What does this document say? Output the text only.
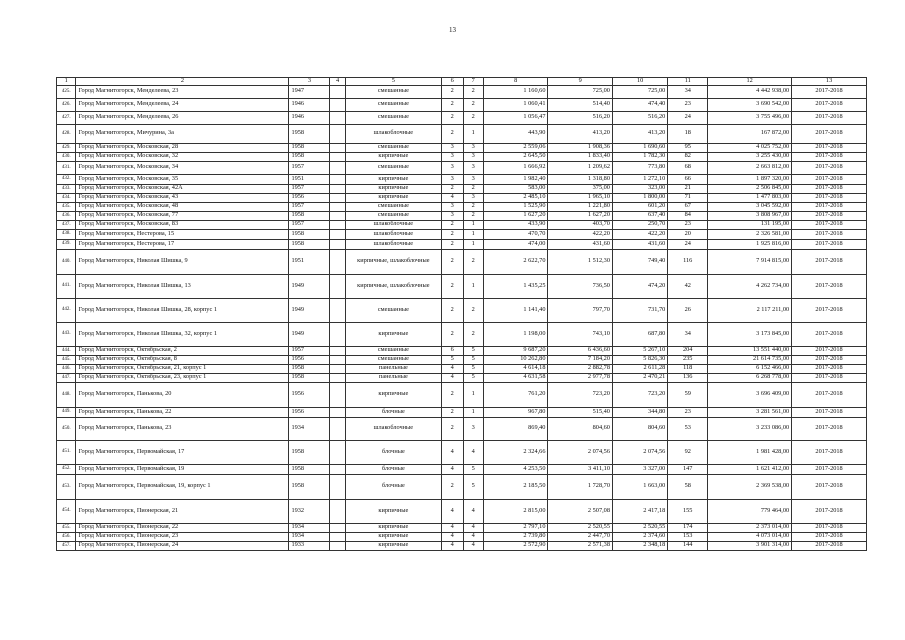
13
1	2	3	4	5	6	7	8	9	10	11	12	13
425.	Город Магнитогорск, Менделеева, 23	1947		смешанные	2	2	1 160,60	725,00	725,00	34	4 442 938,00	2017-2018
426.	Город Магнитогорск, Менделеева, 24	1946		смешанные	2	2	1 060,41	514,40	474,40	23	3 690 542,00	2017-2018
427.	Город Магнитогорск, Менделеева, 26	1946		смешанные	2	2	1 056,47	516,20	516,20	24	3 755 496,00	2017-2018
428.	Город Магнитогорск, Мичурина, 3а	1958		шлакоблочные	2	1	443,90	413,20	413,20	18	167 872,00	2017-2018
429.	Город Магнитогорск, Московская, 28	1958		смешанные	3	3	2 559,06	1 908,36	1 690,60	95	4 025 752,00	2017-2018
430.	Город Магнитогорск, Московская, 32	1958		кирпичные	3	3	2 645,50	1 833,40	1 782,30	82	3 255 430,00	2017-2018
431.	Город Магнитогорск, Московская, 34	1957		смешанные	3	3	1 666,92	1 209,62	773,80	68	2 663 812,00	2017-2018
432.	Город Магнитогорск, Московская, 35	1951		кирпичные	3	3	1 982,40	1 318,80	1 272,10	66	1 897 320,00	2017-2018
433.	Город Магнитогорск, Московская, 42А	1957		кирпичные	2	2	583,00	375,00	323,00	21	2 506 845,00	2017-2018
434.	Город Магнитогорск, Московская, 43	1956		кирпичные	4	3	2 485,10	1 965,10	1 800,00	71	1 477 803,00	2017-2018
435.	Город Магнитогорск, Московская, 48	1957		смешанные	3	2	1 525,90	1 221,80	601,20	67	3 045 592,00	2017-2018
436.	Город Магнитогорск, Московская, 77	1958		смешанные	3	2	1 627,20	1 627,20	637,40	84	3 808 967,00	2017-2018
437.	Город Магнитогорск, Московская, 83	1957		шлакоблочные	2	1	433,90	403,70	250,70	23	131 195,00	2017-2018
438.	Город Магнитогорск, Нестерова, 15	1958		шлакоблочные	2	1	470,70	422,20	422,20	20	2 326 581,00	2017-2018
439.	Город Магнитогорск, Нестерова, 17	1958		шлакоблочные	2	1	474,00	431,60	431,60	24	1 925 816,00	2017-2018
440.	Город Магнитогорск, Николая Шишка, 9	1951		кирпичные, шлакоблочные	2	2	2 622,70	1 512,30	749,40	116	7 914 815,00	2017-2018
441.	Город Магнитогорск, Николая Шишка, 13	1949		кирпичные, шлакоблочные	2	1	1 435,25	736,50	474,20	42	4 262 734,00	2017-2018
442.	Город Магнитогорск, Николая Шишка, 28, корпус 1	1949		смешанные	2	2	1 141,40	797,70	731,70	26	2 117 211,00	2017-2018
443.	Город Магнитогорск, Николая Шишка, 32, корпус 1	1949		кирпичные	2	2	1 198,00	743,10	687,80	34	3 173 845,00	2017-2018
444.	Город Магнитогорск, Октябрьская, 2	1957		смешанные	6	5	9 687,20	6 436,60	5 267,10	204	13 551 440,00	2017-2018
445.	Город Магнитогорск, Октябрьская, 8	1956		смешанные	5	5	10 262,80	7 184,20	5 826,30	235	21 614 735,00	2017-2018
446.	Город Магнитогорск, Октябрьская, 21, корпус 1	1958		панельные	4	5	4 614,18	2 882,78	2 611,28	118	6 152 466,00	2017-2018
447.	Город Магнитогорск, Октябрьская, 23, корпус 1	1958		панельные	4	5	4 631,58	2 977,78	2 470,21	136	6 268 778,00	2017-2018
448.	Город Магнитогорск, Панькова, 20	1956		кирпичные	2	1	761,20	723,20	723,20	59	3 696 409,00	2017-2018
449.	Город Магнитогорск, Панькова, 22	1956		блочные	2	1	967,80	515,40	344,80	23	3 281 561,00	2017-2018
450.	Город Магнитогорск, Панькова, 23	1934		шлакоблочные	2	3	869,40	804,60	804,60	53	3 233 086,00	2017-2018
451.	Город Магнитогорск, Первомайская, 17	1958		блочные	4	4	2 324,66	2 074,56	2 074,56	92	1 981 428,00	2017-2018
452.	Город Магнитогорск, Первомайская, 19	1958		блочные	4	5	4 253,50	3 411,10	3 327,00	147	1 621 412,00	2017-2018
453.	Город Магнитогорск, Первомайская, 19, корпус 1	1958		блочные	2	5	2 185,50	1 728,70	1 663,00	58	2 369 538,00	2017-2018
454.	Город Магнитогорск, Пионерская, 21	1932		кирпичные	4	4	2 815,00	2 507,08	2 417,18	155	779 464,00	2017-2018
455.	Город Магнитогорск, Пионерская, 22	1934		кирпичные	4	4	2 797,10	2 520,55	2 520,55	174	2 373 014,00	2017-2018
456.	Город Магнитогорск, Пионерская, 23	1934		кирпичные	4	4	2 739,80	2 447,70	2 374,60	153	4 073 014,00	2017-2018
457.	Город Магнитогорск, Пионерская, 24	1933		кирпичные	4	4	2 572,90	2 571,38	2 348,18	144	3 901 314,00	2017-2018
